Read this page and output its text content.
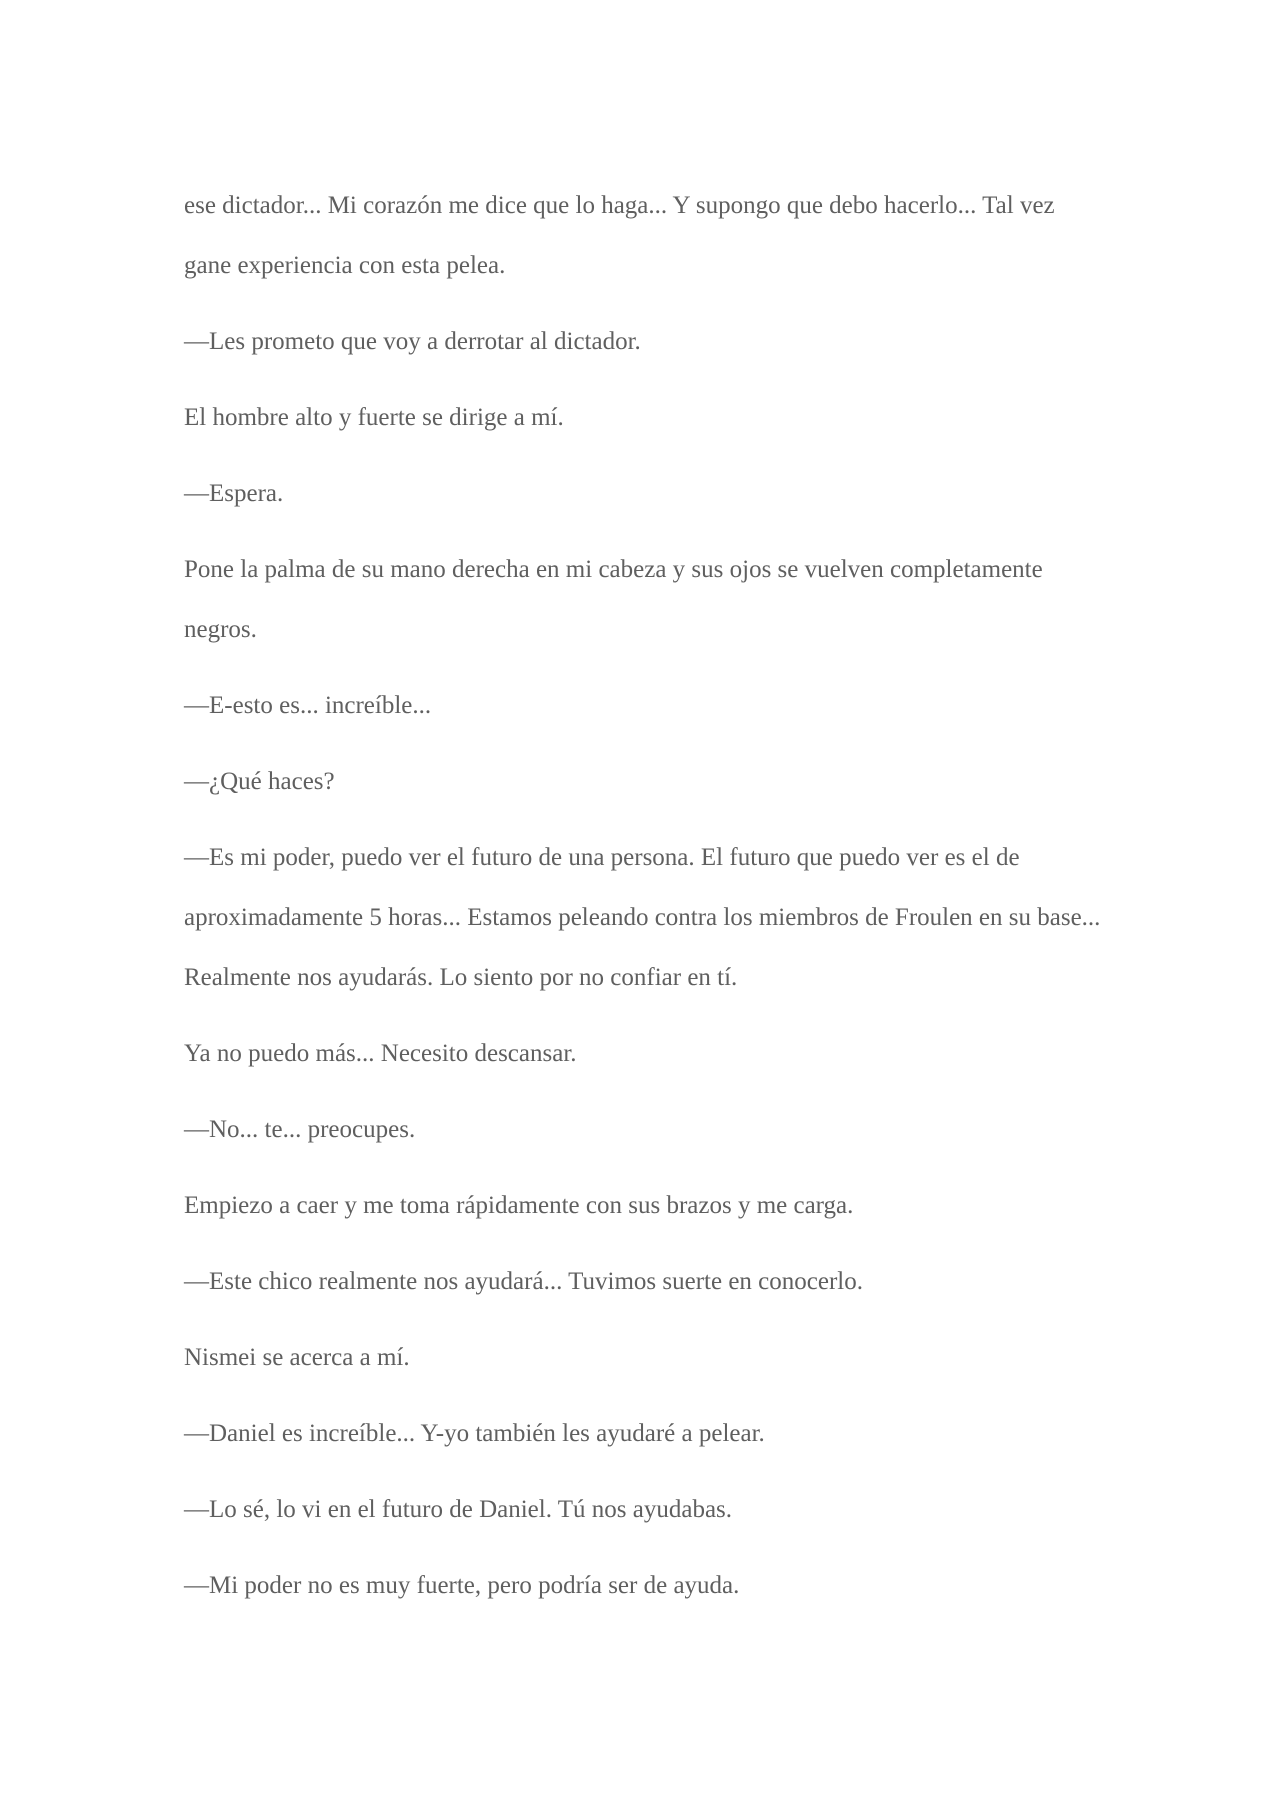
ese dictador... Mi corazón me dice que lo haga... Y supongo que debo hacerlo... Tal vez gane experiencia con esta pelea.

—Les prometo que voy a derrotar al dictador.

El hombre alto y fuerte se dirige a mí.

—Espera.

Pone la palma de su mano derecha en mi cabeza y sus ojos se vuelven completamente negros.

—E-esto es... increíble...

—¿Qué haces?

—Es mi poder, puedo ver el futuro de una persona. El futuro que puedo ver es el de aproximadamente 5 horas... Estamos peleando contra los miembros de Froulen en su base... Realmente nos ayudarás. Lo siento por no confiar en tí.

Ya no puedo más... Necesito descansar.

—No... te... preocupes.

Empiezo a caer y me toma rápidamente con sus brazos y me carga.

—Este chico realmente nos ayudará... Tuvimos suerte en conocerlo.

Nismei se acerca a mí.

—Daniel es increíble... Y-yo también les ayudaré a pelear.

—Lo sé, lo vi en el futuro de Daniel. Tú nos ayudabas.

—Mi poder no es muy fuerte, pero podría ser de ayuda.
